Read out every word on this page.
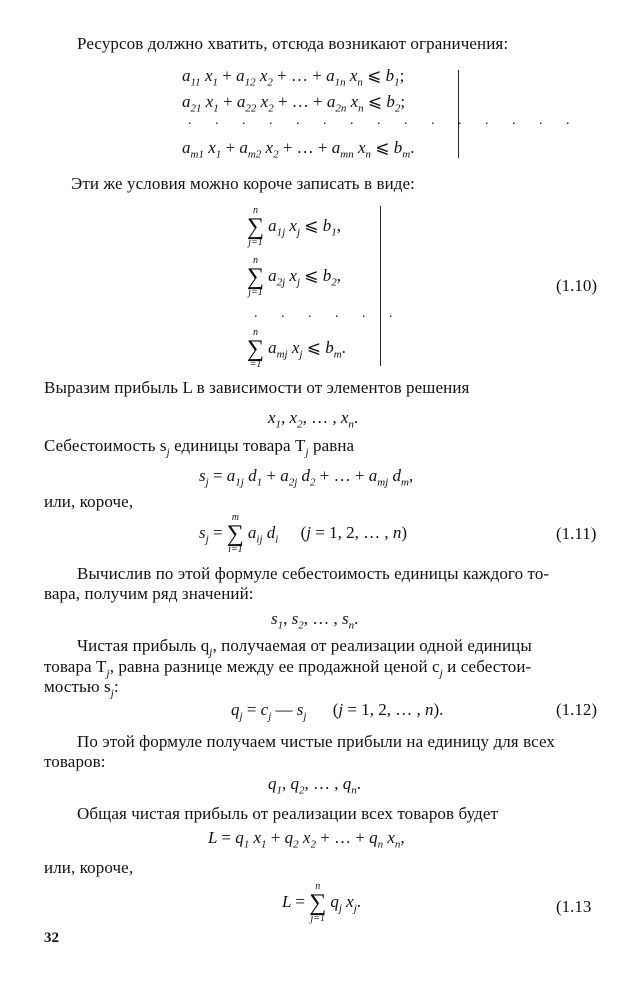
Ресурсов должно хватить, отсюда возникают ограничения:
$a_{11}$ $x_1 + a_{12}$ $x_2$ + … + $a_{1n}$ $x_n$ ⩽ $b_1$;
$a_{21}$ $x_1 + a_{22}$ $x_2$ + … + $a_{2n}$ $x_n$ ⩽ $b_2$;
. . . . . . . . . . . . . . .
$a_{m1}$ $x_1 + a_{m2}$ $x_2$ + … + $a_{mn}$ $x_n$ ⩽ $b_m$.
Эти же условия можно короче записать в виде:
n
∑
j=1
$a_{1j}$ $x_j$ ⩽ $b_1$,
n
∑
j=1
$a_{2j}$ $x_j$ ⩽ $b_2$,
. . . . . .
n
∑
=1
$a_{mj}$ $x_j$ ⩽ $b_m$.
(1.10)
Выразим прибыль L в зависимости от элементов решения
$x_1$, $x_2$, … , $x_n$.
Себестоимость $s_j$ единицы товара $T_j$ равна
$s_j = a_{1j}$ $d_1 + a_{2j}$ $d_2$ + … + $a_{mj}$ $d_m$,
или, короче,
$s_j$ =
m
∑
i=1
$a_{ij}$ $d_i$ (j = 1, 2, … , n)	(1.11)
Вычислив по этой формуле себестоимость единицы каждого то-
вара, получим ряд значений:
$s_1$, $s_2$, … , $s_n$.
Чистая прибыль $q_j$, получаемая от реализации одной единицы
товара $T_j$, равна разнице между ее продажной ценой $c_j$ и себестои-
мостью $s_j$:
$q_j = c_j$ — $s_j$ (j = 1, 2, … , n).	(1.12)
По этой формуле получаем чистые прибыли на единицу для всех
товаров:
$q_1$, $q_2$, … , $q_n$.
Общая чистая прибыль от реализации всех товаров будет
$L = q_1$ $x_1 + q_2$ $x_2$ + … + $q_n$ $x_n$,
или, короче,
L =
n
∑
j=1
$q_j$ $x_j$.	(1.13
32
